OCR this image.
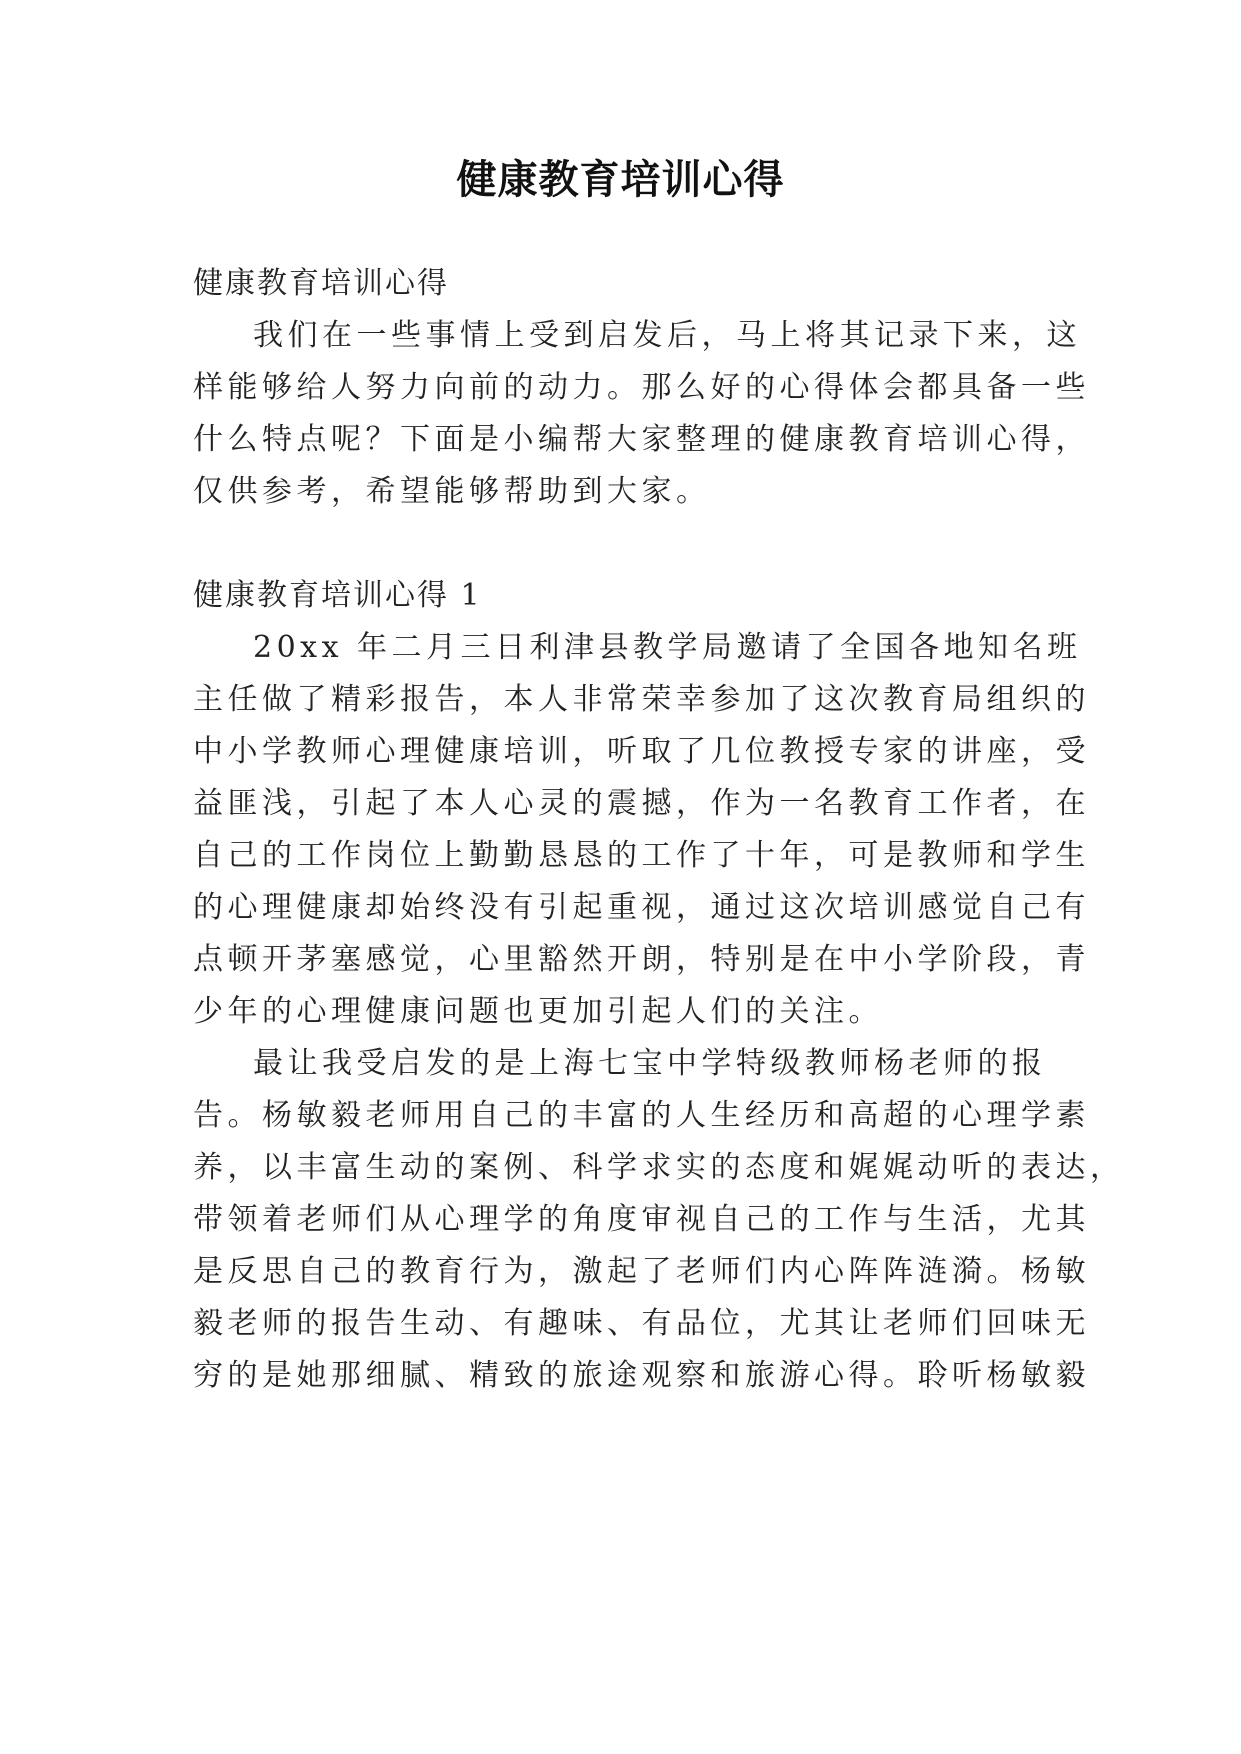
健康教育培训心得
健康教育培训心得
我们在一些事情上受到启发后，马上将其记录下来，这
样能够给人努力向前的动力。那么好的心得体会都具备一些
什么特点呢？下面是小编帮大家整理的健康教育培训心得，
仅供参考，希望能够帮助到大家。
健康教育培训心得 1
20xx 年二月三日利津县教学局邀请了全国各地知名班
主任做了精彩报告，本人非常荣幸参加了这次教育局组织的
中小学教师心理健康培训，听取了几位教授专家的讲座，受
益匪浅，引起了本人心灵的震撼，作为一名教育工作者，在
自己的工作岗位上勤勤恳恳的工作了十年，可是教师和学生
的心理健康却始终没有引起重视，通过这次培训感觉自己有
点顿开茅塞感觉，心里豁然开朗，特别是在中小学阶段，青
少年的心理健康问题也更加引起人们的关注。
最让我受启发的是上海七宝中学特级教师杨老师的报
告。杨敏毅老师用自己的丰富的人生经历和高超的心理学素
养，以丰富生动的案例、科学求实的态度和娓娓动听的表达，
带领着老师们从心理学的角度审视自己的工作与生活，尤其
是反思自己的教育行为，激起了老师们内心阵阵涟漪。杨敏
毅老师的报告生动、有趣味、有品位，尤其让老师们回味无
穷的是她那细腻、精致的旅途观察和旅游心得。聆听杨敏毅
